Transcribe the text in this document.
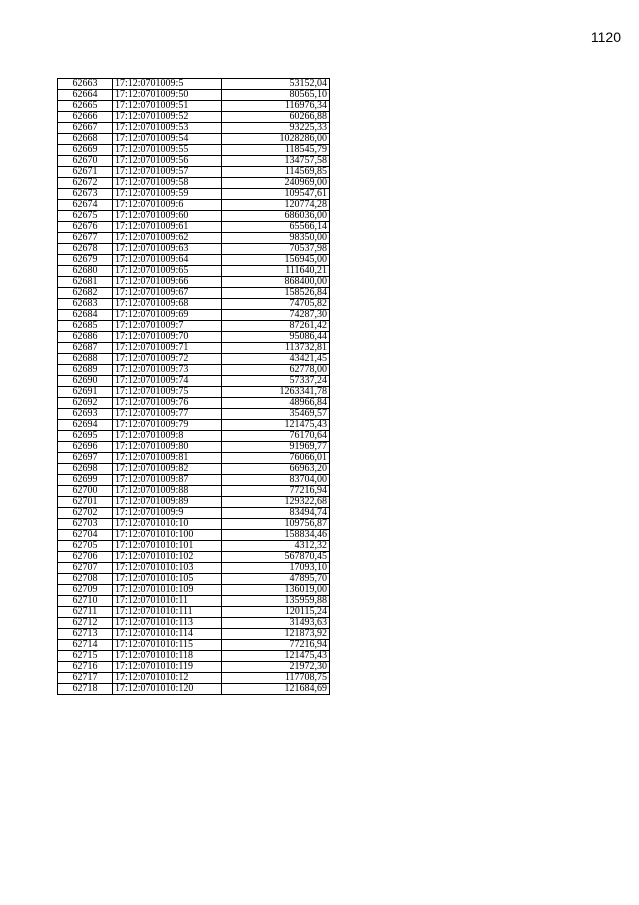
1120
62663	17:12:0701009:5	53152,04
62664	17:12:0701009:50	80565,10
62665	17:12:0701009:51	116976,34
62666	17:12:0701009:52	60266,88
62667	17:12:0701009:53	93225,33
62668	17:12:0701009:54	1028286,00
62669	17:12:0701009:55	118545,79
62670	17:12:0701009:56	134757,58
62671	17:12:0701009:57	114569,85
62672	17:12:0701009:58	240969,00
62673	17:12:0701009:59	109547,61
62674	17:12:0701009:6	120774,28
62675	17:12:0701009:60	686036,00
62676	17:12:0701009:61	65566,14
62677	17:12:0701009:62	98350,00
62678	17:12:0701009:63	70537,98
62679	17:12:0701009:64	156945,00
62680	17:12:0701009:65	111640,21
62681	17:12:0701009:66	868400,00
62682	17:12:0701009:67	158526,84
62683	17:12:0701009:68	74705,82
62684	17:12:0701009:69	74287,30
62685	17:12:0701009:7	87261,42
62686	17:12:0701009:70	95086,44
62687	17:12:0701009:71	113732,81
62688	17:12:0701009:72	43421,45
62689	17:12:0701009:73	62778,00
62690	17:12:0701009:74	57337,24
62691	17:12:0701009:75	1263341,78
62692	17:12:0701009:76	48966,84
62693	17:12:0701009:77	35469,57
62694	17:12:0701009:79	121475,43
62695	17:12:0701009:8	76170,64
62696	17:12:0701009:80	91969,77
62697	17:12:0701009:81	76066,01
62698	17:12:0701009:82	66963,20
62699	17:12:0701009:87	83704,00
62700	17:12:0701009:88	77216,94
62701	17:12:0701009:89	129322,68
62702	17:12:0701009:9	83494,74
62703	17:12:0701010:10	109756,87
62704	17:12:0701010:100	158834,46
62705	17:12:0701010:101	4312,32
62706	17:12:0701010:102	567870,45
62707	17:12:0701010:103	17093,10
62708	17:12:0701010:105	47895,70
62709	17:12:0701010:109	136019,00
62710	17:12:0701010:11	135959,88
62711	17:12:0701010:111	120115,24
62712	17:12:0701010:113	31493,63
62713	17:12:0701010:114	121873,92
62714	17:12:0701010:115	77216,94
62715	17:12:0701010:118	121475,43
62716	17:12:0701010:119	21972,30
62717	17:12:0701010:12	117708,75
62718	17:12:0701010:120	121684,69
